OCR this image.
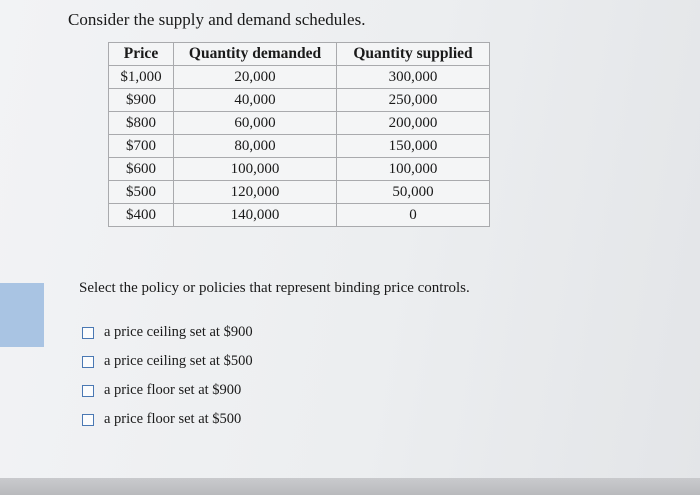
Consider the supply and demand schedules.
Price	Quantity demanded	Quantity supplied
$1,000	20,000	300,000
$900	40,000	250,000
$800	60,000	200,000
$700	80,000	150,000
$600	100,000	100,000
$500	120,000	50,000
$400	140,000	0

Select the policy or policies that represent binding price controls.

a price ceiling set at $900
a price ceiling set at $500
a price floor set at $900
a price floor set at $500
